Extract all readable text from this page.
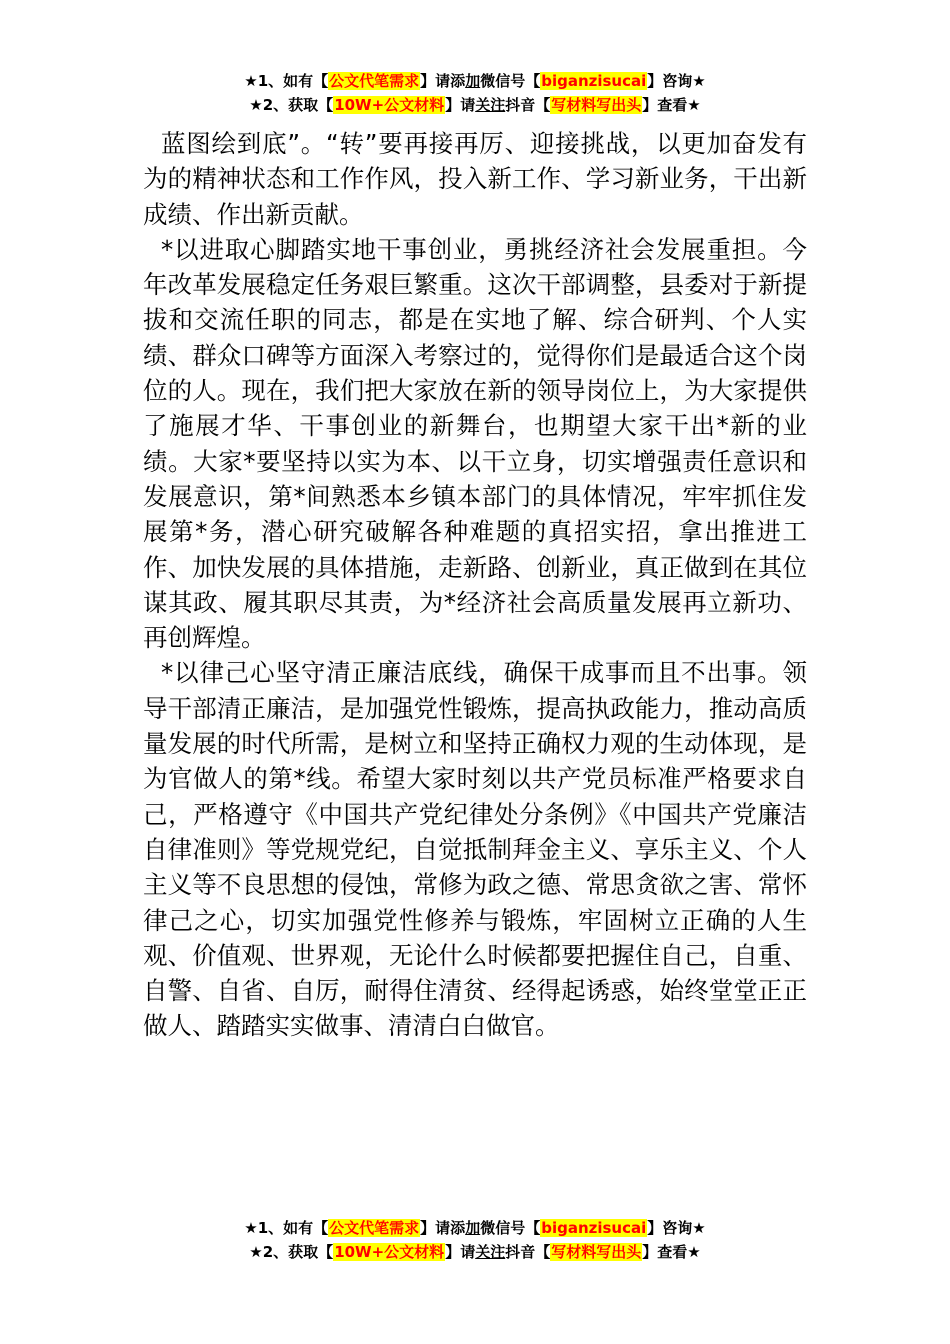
★1、如有【公文代笔需求】请添加微信号【biganzisucai】咨询★
★2、获取【10W+公文材料】请关注抖音【写材料写出头】查看★

蓝图绘到底”。“转”要再接再厉、迎接挑战，以更加奋发有为的精神状态和工作作风，投入新工作、学习新业务，干出新成绩、作出新贡献。

*以进取心脚踏实地干事创业，勇挑经济社会发展重担。今年改革发展稳定任务艰巨繁重。这次干部调整，县委对于新提拔和交流任职的同志，都是在实地了解、综合研判、个人实绩、群众口碑等方面深入考察过的，觉得你们是最适合这个岗位的人。现在，我们把大家放在新的领导岗位上，为大家提供了施展才华、干事创业的新舞台，也期望大家干出*新的业绩。大家*要坚持以实为本、以干立身，切实增强责任意识和发展意识，第*间熟悉本乡镇本部门的具体情况，牢牢抓住发展第*务，潜心研究破解各种难题的真招实招，拿出推进工作、加快发展的具体措施，走新路、创新业，真正做到在其位谋其政、履其职尽其责，为*经济社会高质量发展再立新功、再创辉煌。

*以律己心坚守清正廉洁底线，确保干成事而且不出事。领导干部清正廉洁，是加强党性锻炼，提高执政能力，推动高质量发展的时代所需，是树立和坚持正确权力观的生动体现，是为官做人的第*线。希望大家时刻以共产党员标准严格要求自己，严格遵守《中国共产党纪律处分条例》《中国共产党廉洁自律准则》等党规党纪，自觉抵制拜金主义、享乐主义、个人主义等不良思想的侵蚀，常修为政之德、常思贪欲之害、常怀律己之心，切实加强党性修养与锻炼，牢固树立正确的人生观、价值观、世界观，无论什么时候都要把握住自己，自重、自警、自省、自厉，耐得住清贫、经得起诱惑，始终堂堂正正做人、踏踏实实做事、清清白白做官。

★1、如有【公文代笔需求】请添加微信号【biganzisucai】咨询★
★2、获取【10W+公文材料】请关注抖音【写材料写出头】查看★
